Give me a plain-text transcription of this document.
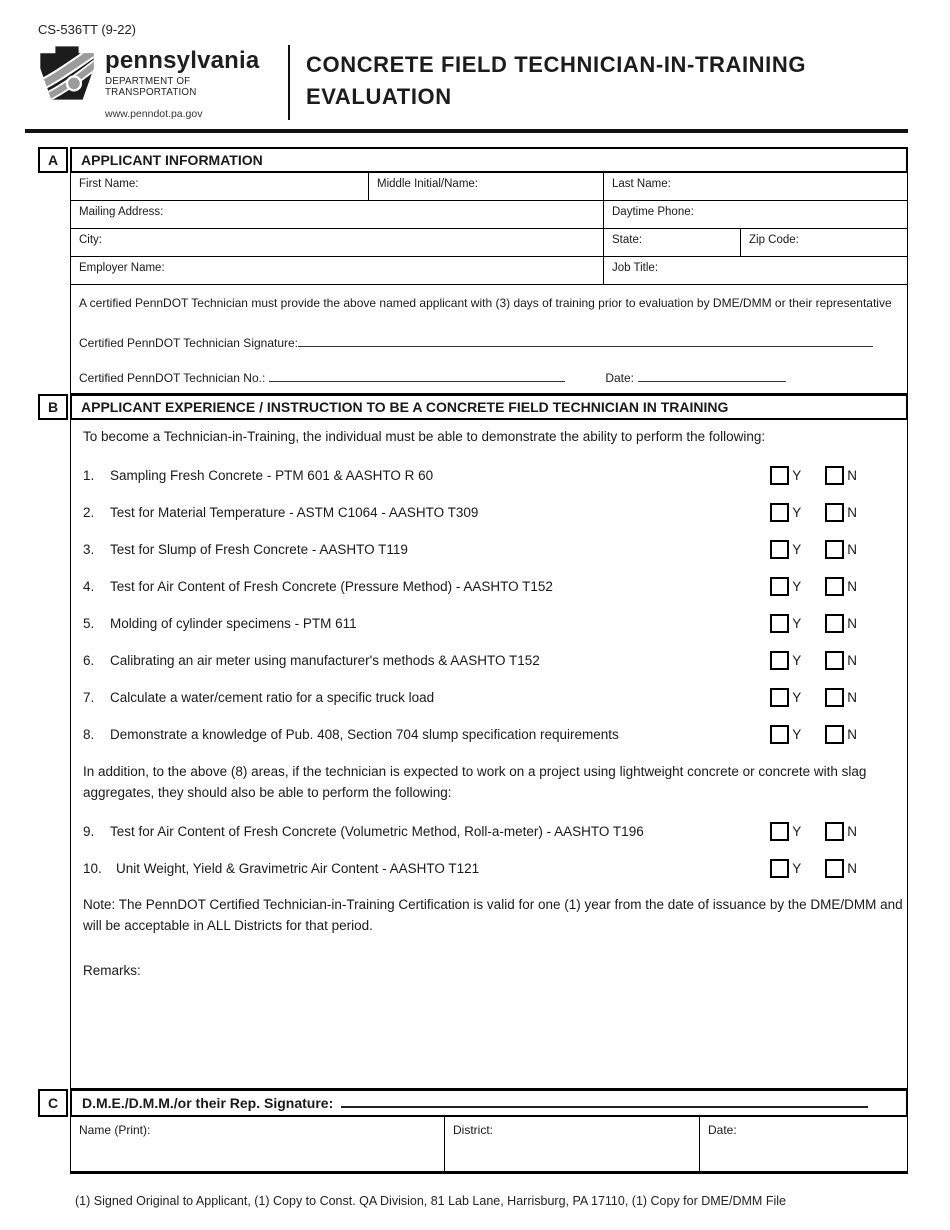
CS-536TT (9-22)
pennsylvania
DEPARTMENT OF TRANSPORTATION
www.penndot.pa.gov
CONCRETE FIELD TECHNICIAN-IN-TRAINING
EVALUATION
A	APPLICANT INFORMATION
First Name:	Middle Initial/Name:	Last Name:
Mailing Address:	Daytime Phone:
City:	State:	Zip Code:
Employer Name:	Job Title:
A certified PennDOT Technician must provide the above named applicant with (3) days of training prior to evaluation by DME/DMM or their representative
Certified PennDOT Technician Signature:
Certified PennDOT Technician No.:	Date:
B	APPLICANT EXPERIENCE / INSTRUCTION TO BE A CONCRETE FIELD TECHNICIAN IN TRAINING
To become a Technician-in-Training, the individual must be able to demonstrate the ability to perform the following:
1.	Sampling Fresh Concrete - PTM 601 & AASHTO R 60	Y	N
2.	Test for Material Temperature - ASTM C1064 - AASHTO T309	Y	N
3.	Test for Slump of Fresh Concrete - AASHTO T119	Y	N
4.	Test for Air Content of Fresh Concrete (Pressure Method) - AASHTO T152	Y	N
5.	Molding of cylinder specimens - PTM 611	Y	N
6.	Calibrating an air meter using manufacturer's methods & AASHTO T152	Y	N
7.	Calculate a water/cement ratio for a specific truck load	Y	N
8.	Demonstrate a knowledge of Pub. 408, Section 704 slump specification requirements	Y	N
In addition, to the above (8) areas, if the technician is expected to work on a project using lightweight concrete or concrete with slag aggregates, they should also be able to perform the following:
9.	Test for Air Content of Fresh Concrete (Volumetric Method, Roll-a-meter) - AASHTO T196	Y	N
10.	Unit Weight, Yield & Gravimetric Air Content - AASHTO T121	Y	N
Note: The PennDOT Certified Technician-in-Training Certification is valid for one (1) year from the date of issuance by the DME/DMM and will be acceptable in ALL Districts for that period.
Remarks:
C	D.M.E./D.M.M./or their Rep. Signature:
Name (Print):	District:	Date:
(1) Signed Original to Applicant, (1) Copy to Const. QA Division, 81 Lab Lane, Harrisburg, PA 17110, (1) Copy for DME/DMM File
